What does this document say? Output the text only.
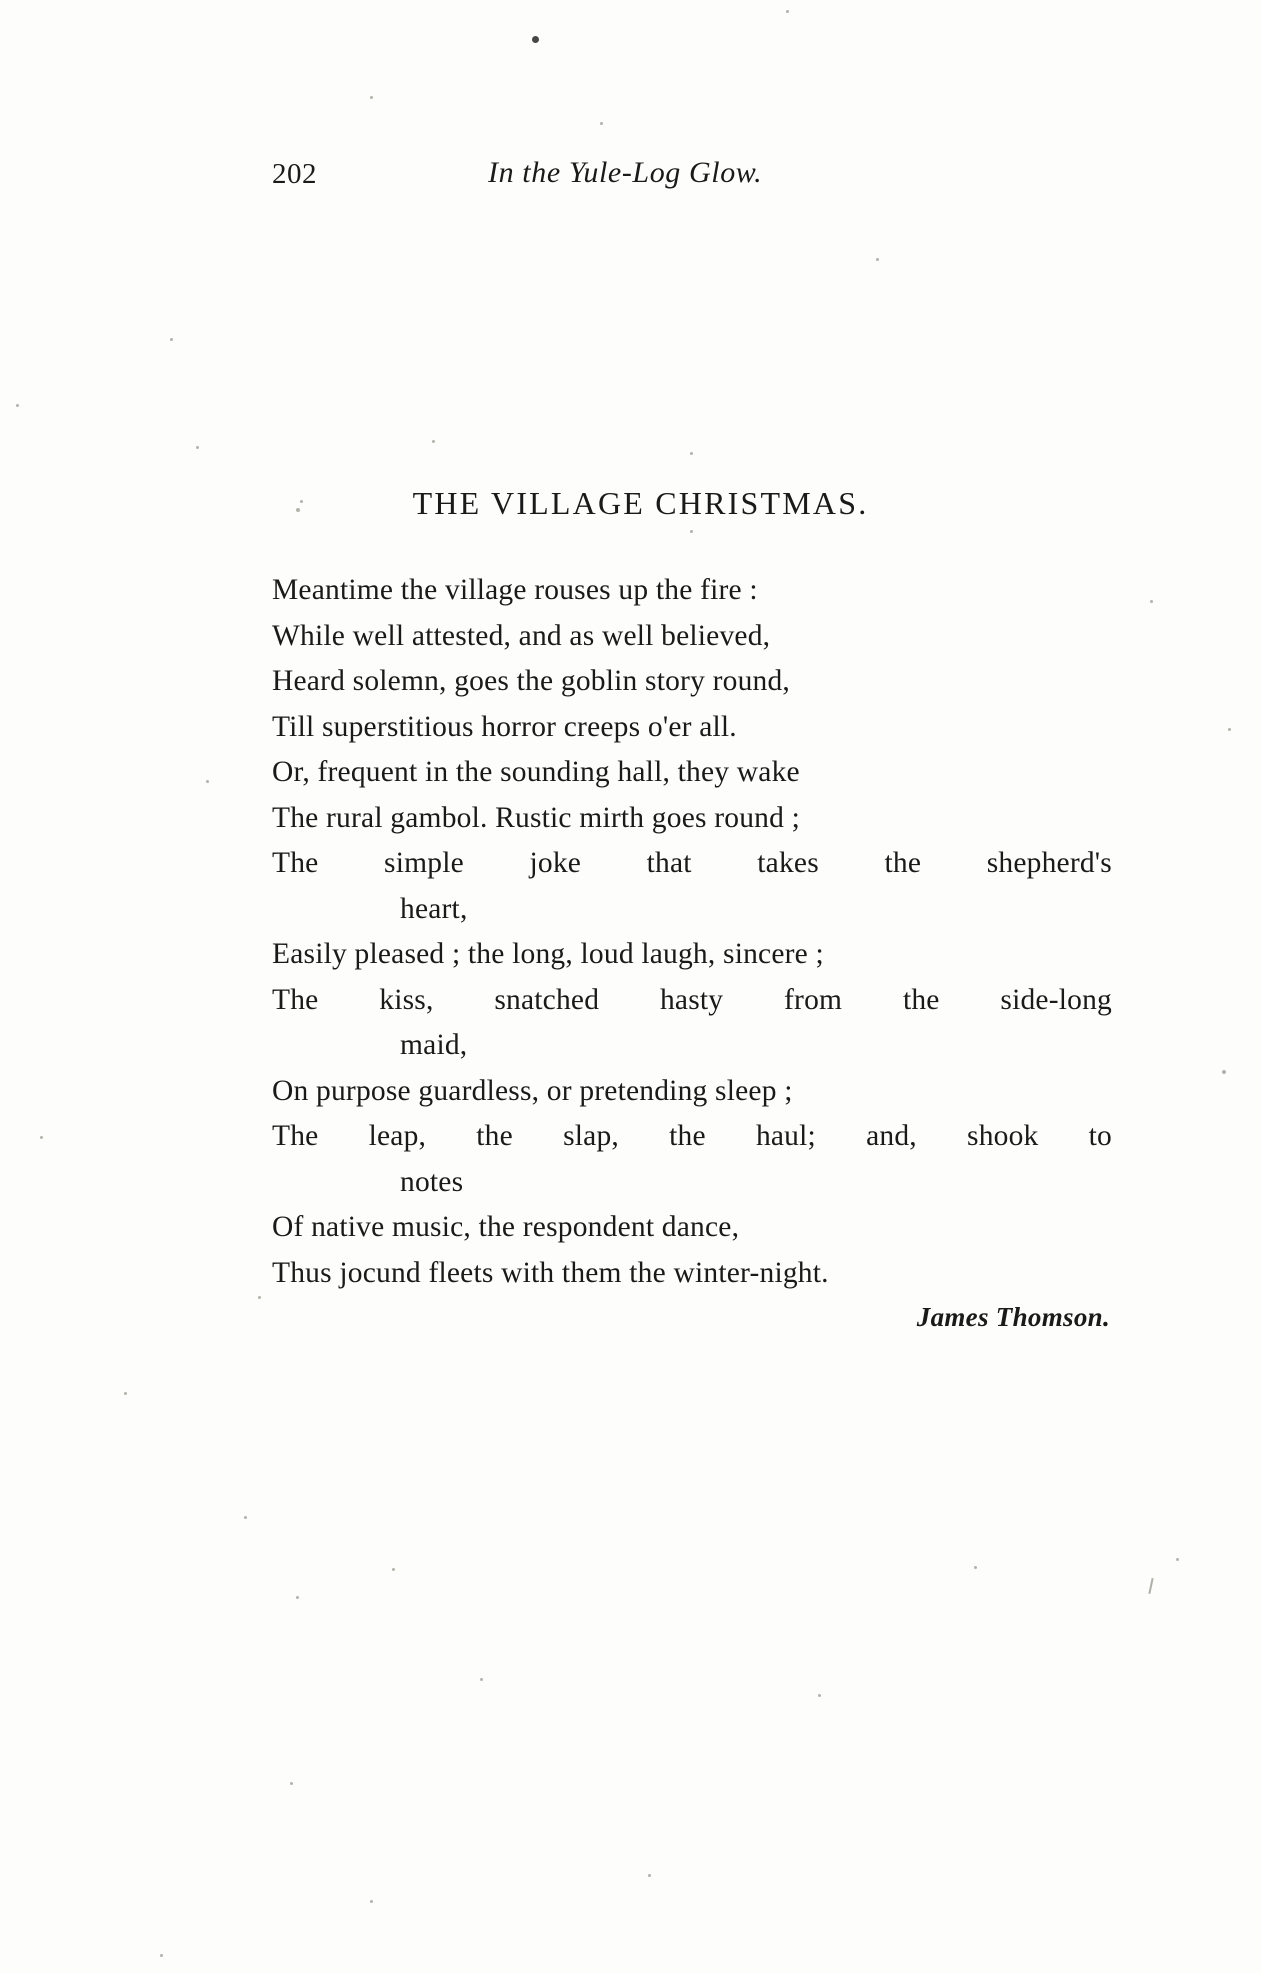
202	In the Yule-Log Glow.
THE VILLAGE CHRISTMAS.
Meantime the village rouses up the fire :
While well attested, and as well believed,
Heard solemn, goes the goblin story round,
Till superstitious horror creeps o'er all.
Or, frequent in the sounding hall, they wake
The rural gambol. Rustic mirth goes round ;
The simple joke that takes the shepherd's
heart,
Easily pleased ; the long, loud laugh, sincere ;
The kiss, snatched hasty from the side-long
maid,
On purpose guardless, or pretending sleep ;
The leap, the slap, the haul; and, shook to
notes
Of native music, the respondent dance,
Thus jocund fleets with them the winter-night.
James Thomson.
